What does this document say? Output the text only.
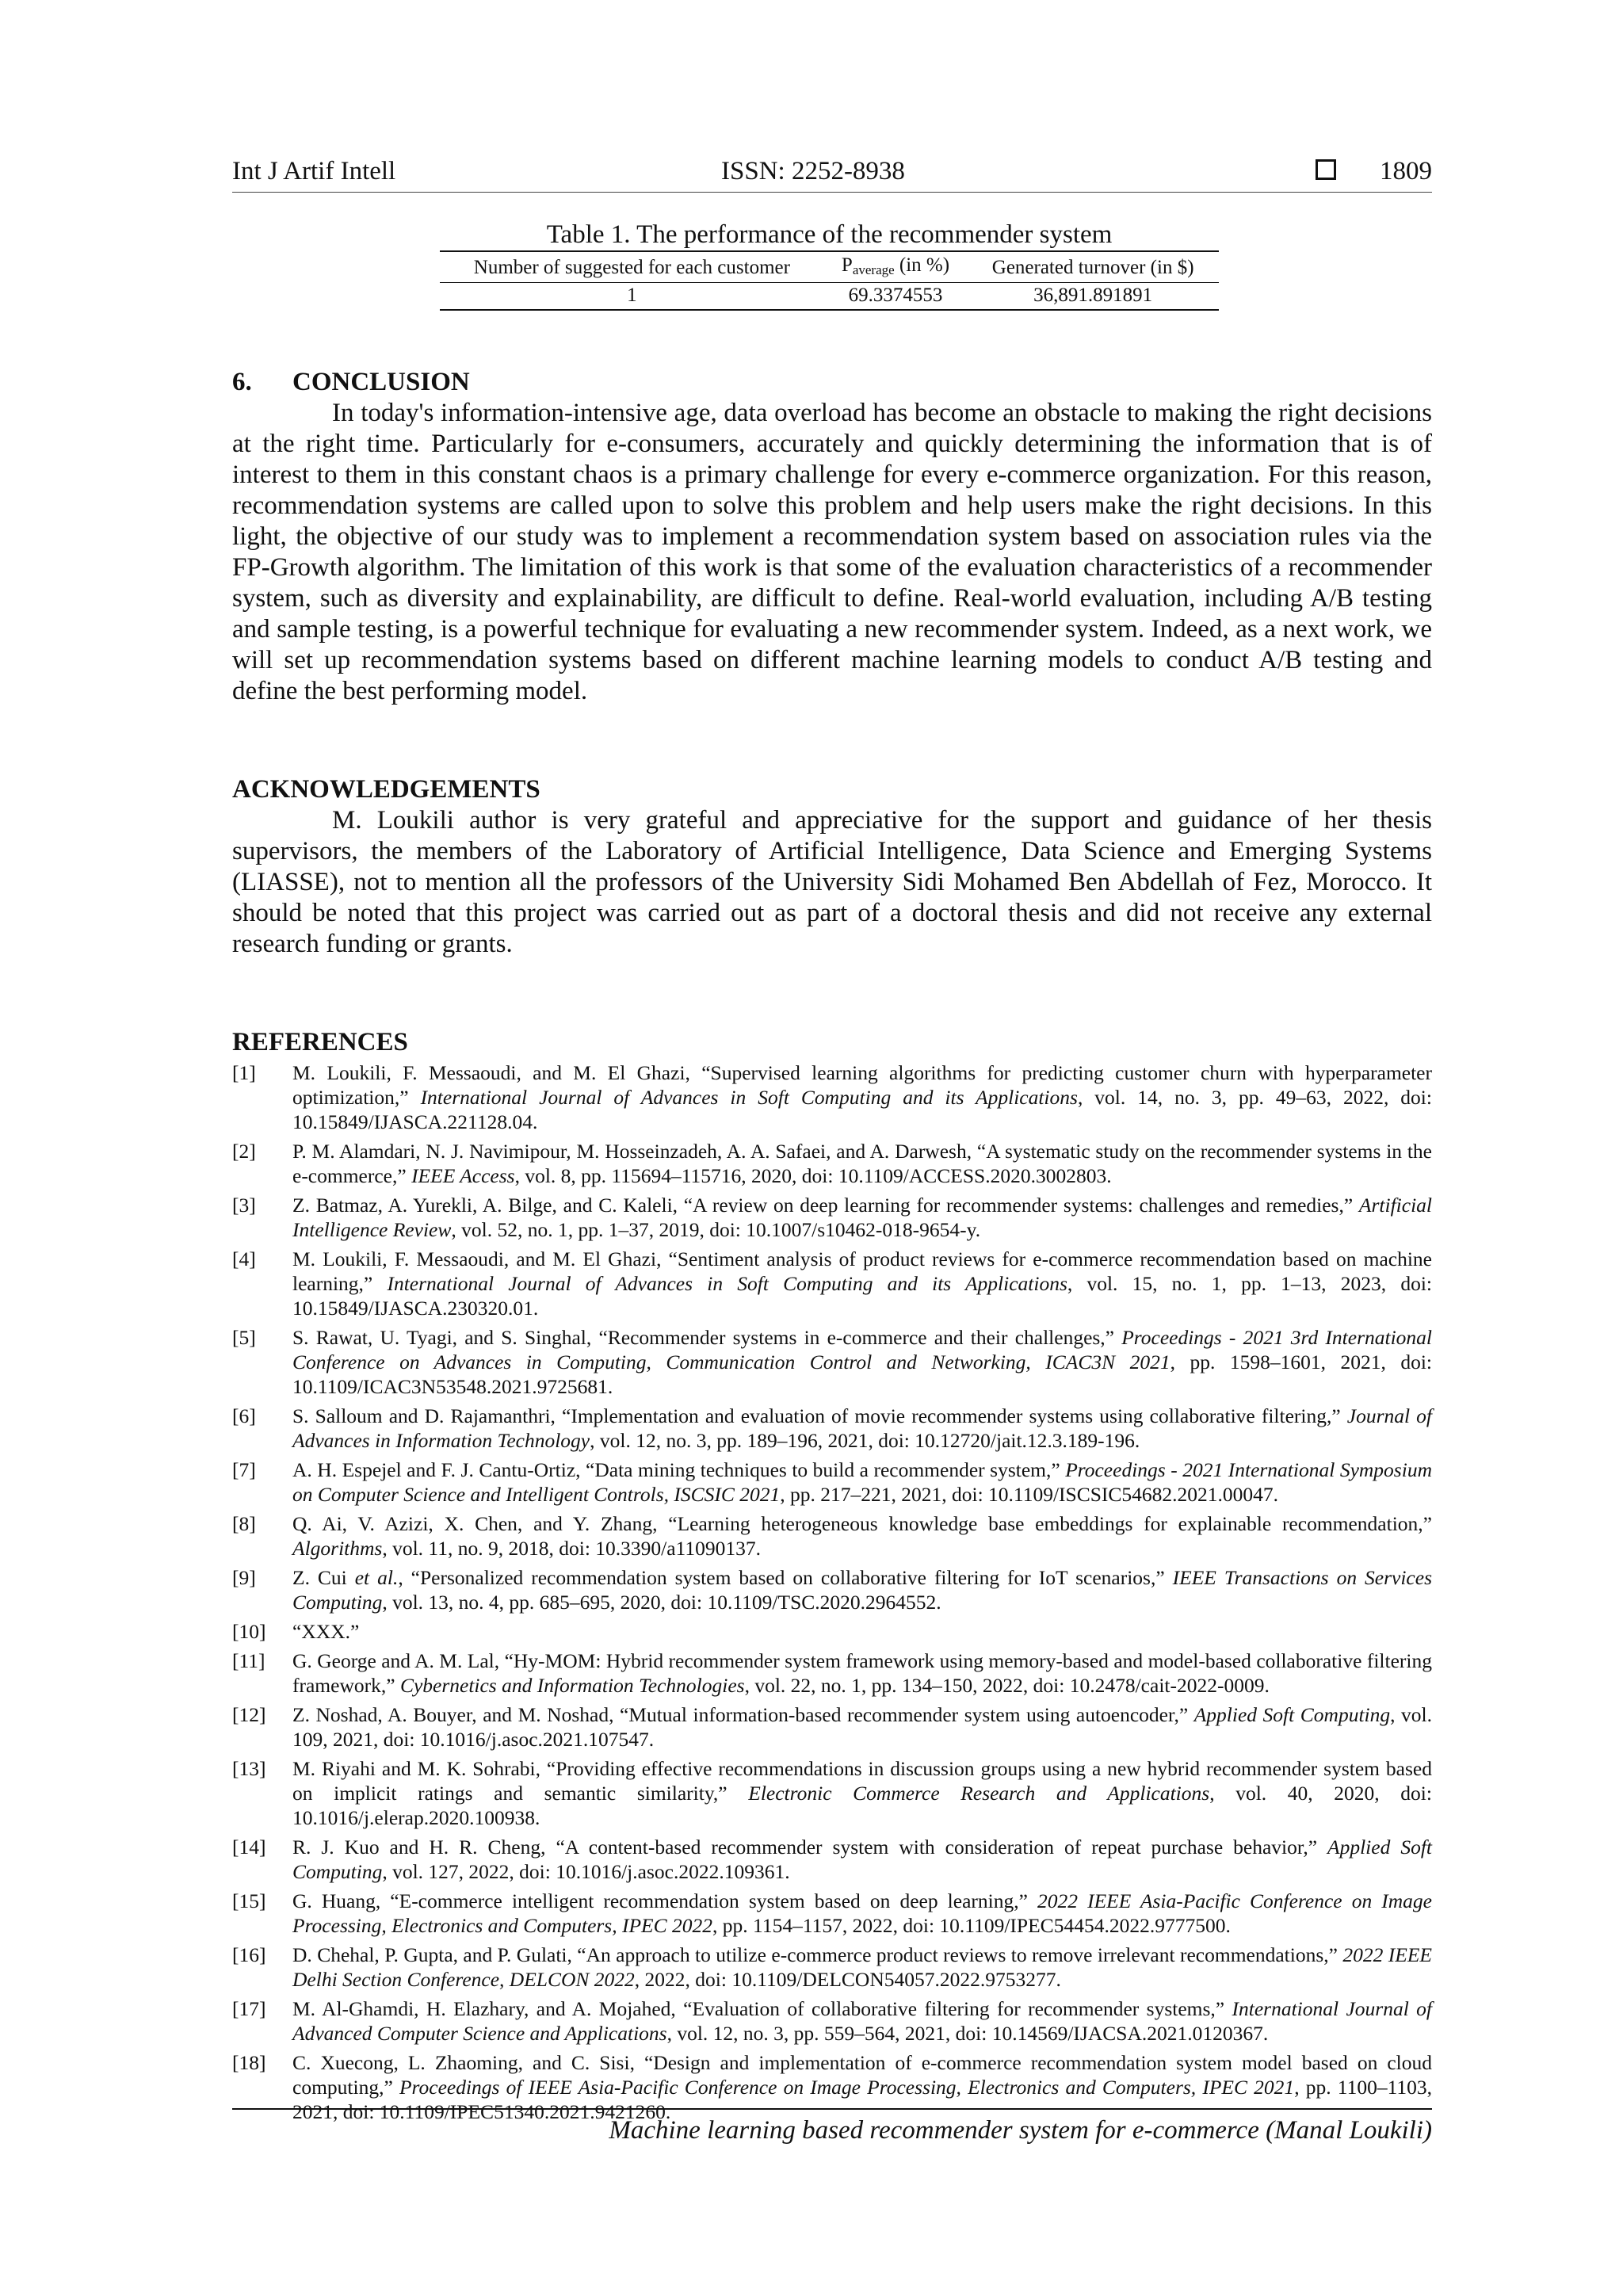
Int J Artif Intell	ISSN: 2252-8938	1809

Table 1. The performance of the recommender system

Number of suggested for each customer	$P_{average}$ (in %)	Generated turnover (in $)
1	69.3374553	36,891.891891
6. CONCLUSION

In today's information-intensive age, data overload has become an obstacle to making the right decisions at the right time. Particularly for e-consumers, accurately and quickly determining the information that is of interest to them in this constant chaos is a primary challenge for every e-commerce organization. For this reason, recommendation systems are called upon to solve this problem and help users make the right decisions. In this light, the objective of our study was to implement a recommendation system based on association rules via the FP-Growth algorithm. The limitation of this work is that some of the evaluation characteristics of a recommender system, such as diversity and explainability, are difficult to define. Real-world evaluation, including A/B testing and sample testing, is a powerful technique for evaluating a new recommender system. Indeed, as a next work, we will set up recommendation systems based on different machine learning models to conduct A/B testing and define the best performing model.

ACKNOWLEDGEMENTS

M. Loukili author is very grateful and appreciative for the support and guidance of her thesis supervisors, the members of the Laboratory of Artificial Intelligence, Data Science and Emerging Systems (LIASSE), not to mention all the professors of the University Sidi Mohamed Ben Abdellah of Fez, Morocco. It should be noted that this project was carried out as part of a doctoral thesis and did not receive any external research funding or grants.

REFERENCES
[1] M. Loukili, F. Messaoudi, and M. El Ghazi, “Supervised learning algorithms for predicting customer churn with hyperparameter optimization,” International Journal of Advances in Soft Computing and its Applications, vol. 14, no. 3, pp. 49–63, 2022, doi: 10.15849/IJASCA.221128.04.
[2] P. M. Alamdari, N. J. Navimipour, M. Hosseinzadeh, A. A. Safaei, and A. Darwesh, “A systematic study on the recommender systems in the e-commerce,” IEEE Access, vol. 8, pp. 115694–115716, 2020, doi: 10.1109/ACCESS.2020.3002803.
[3] Z. Batmaz, A. Yurekli, A. Bilge, and C. Kaleli, “A review on deep learning for recommender systems: challenges and remedies,” Artificial Intelligence Review, vol. 52, no. 1, pp. 1–37, 2019, doi: 10.1007/s10462-018-9654-y.
[4] M. Loukili, F. Messaoudi, and M. El Ghazi, “Sentiment analysis of product reviews for e-commerce recommendation based on machine learning,” International Journal of Advances in Soft Computing and its Applications, vol. 15, no. 1, pp. 1–13, 2023, doi: 10.15849/IJASCA.230320.01.
[5] S. Rawat, U. Tyagi, and S. Singhal, “Recommender systems in e-commerce and their challenges,” Proceedings - 2021 3rd International Conference on Advances in Computing, Communication Control and Networking, ICAC3N 2021, pp. 1598–1601, 2021, doi: 10.1109/ICAC3N53548.2021.9725681.
[6] S. Salloum and D. Rajamanthri, “Implementation and evaluation of movie recommender systems using collaborative filtering,” Journal of Advances in Information Technology, vol. 12, no. 3, pp. 189–196, 2021, doi: 10.12720/jait.12.3.189-196.
[7] A. H. Espejel and F. J. Cantu-Ortiz, “Data mining techniques to build a recommender system,” Proceedings - 2021 International Symposium on Computer Science and Intelligent Controls, ISCSIC 2021, pp. 217–221, 2021, doi: 10.1109/ISCSIC54682.2021.00047.
[8] Q. Ai, V. Azizi, X. Chen, and Y. Zhang, “Learning heterogeneous knowledge base embeddings for explainable recommendation,” Algorithms, vol. 11, no. 9, 2018, doi: 10.3390/a11090137.
[9] Z. Cui et al., “Personalized recommendation system based on collaborative filtering for IoT scenarios,” IEEE Transactions on Services Computing, vol. 13, no. 4, pp. 685–695, 2020, doi: 10.1109/TSC.2020.2964552.
[10] “XXX.”
[11] G. George and A. M. Lal, “Hy-MOM: Hybrid recommender system framework using memory-based and model-based collaborative filtering framework,” Cybernetics and Information Technologies, vol. 22, no. 1, pp. 134–150, 2022, doi: 10.2478/cait-2022-0009.
[12] Z. Noshad, A. Bouyer, and M. Noshad, “Mutual information-based recommender system using autoencoder,” Applied Soft Computing, vol. 109, 2021, doi: 10.1016/j.asoc.2021.107547.
[13] M. Riyahi and M. K. Sohrabi, “Providing effective recommendations in discussion groups using a new hybrid recommender system based on implicit ratings and semantic similarity,” Electronic Commerce Research and Applications, vol. 40, 2020, doi: 10.1016/j.elerap.2020.100938.
[14] R. J. Kuo and H. R. Cheng, “A content-based recommender system with consideration of repeat purchase behavior,” Applied Soft Computing, vol. 127, 2022, doi: 10.1016/j.asoc.2022.109361.
[15] G. Huang, “E-commerce intelligent recommendation system based on deep learning,” 2022 IEEE Asia-Pacific Conference on Image Processing, Electronics and Computers, IPEC 2022, pp. 1154–1157, 2022, doi: 10.1109/IPEC54454.2022.9777500.
[16] D. Chehal, P. Gupta, and P. Gulati, “An approach to utilize e-commerce product reviews to remove irrelevant recommendations,” 2022 IEEE Delhi Section Conference, DELCON 2022, 2022, doi: 10.1109/DELCON54057.2022.9753277.
[17] M. Al-Ghamdi, H. Elazhary, and A. Mojahed, “Evaluation of collaborative filtering for recommender systems,” International Journal of Advanced Computer Science and Applications, vol. 12, no. 3, pp. 559–564, 2021, doi: 10.14569/IJACSA.2021.0120367.
[18] C. Xuecong, L. Zhaoming, and C. Sisi, “Design and implementation of e-commerce recommendation system model based on cloud computing,” Proceedings of IEEE Asia-Pacific Conference on Image Processing, Electronics and Computers, IPEC 2021, pp. 1100–1103, 2021, doi: 10.1109/IPEC51340.2021.9421260.
Machine learning based recommender system for e-commerce (Manal Loukili)
